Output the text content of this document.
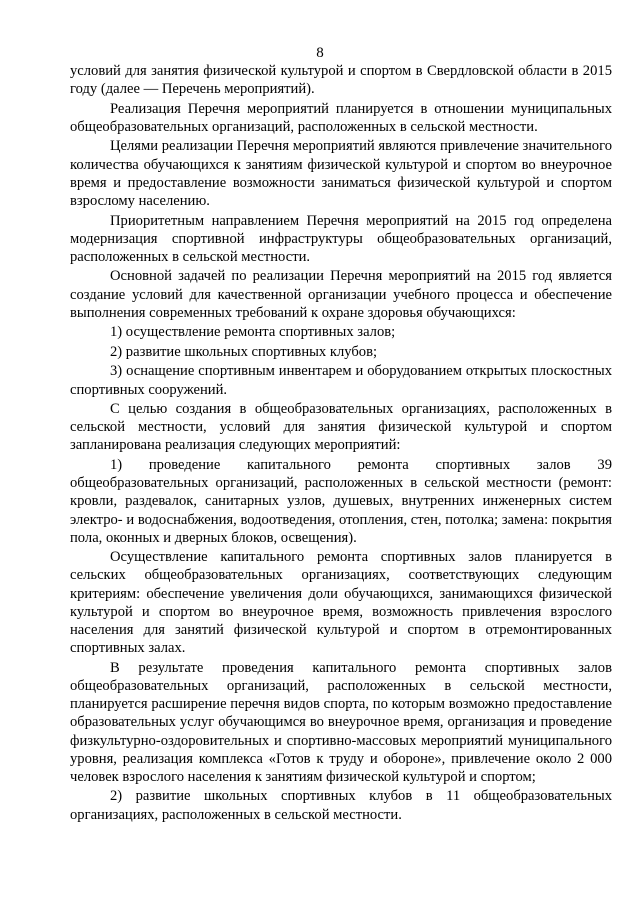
8

условий для занятия физической культурой и спортом в Свердловской области в 2015 году (далее — Перечень мероприятий).

Реализация Перечня мероприятий планируется в отношении муниципальных общеобразовательных организаций, расположенных в сельской местности.

Целями реализации Перечня мероприятий являются привлечение значительного количества обучающихся к занятиям физической культурой и спортом во внеурочное время и предоставление возможности заниматься физической культурой и спортом взрослому населению.

Приоритетным направлением Перечня мероприятий на 2015 год определена модернизация спортивной инфраструктуры общеобразовательных организаций, расположенных в сельской местности.

Основной задачей по реализации Перечня мероприятий на 2015 год является создание условий для качественной организации учебного процесса и обеспечение выполнения современных требований к охране здоровья обучающихся:

1) осуществление ремонта спортивных залов;

2) развитие школьных спортивных клубов;

3) оснащение спортивным инвентарем и оборудованием открытых плоскостных спортивных сооружений.

С целью создания в общеобразовательных организациях, расположенных в сельской местности, условий для занятия физической культурой и спортом запланирована реализация следующих мероприятий:

1) проведение капитального ремонта спортивных залов 39 общеобразовательных организаций, расположенных в сельской местности (ремонт: кровли, раздевалок, санитарных узлов, душевых, внутренних инженерных систем электро- и водоснабжения, водоотведения, отопления, стен, потолка; замена: покрытия пола, оконных и дверных блоков, освещения).

Осуществление капитального ремонта спортивных залов планируется в сельских общеобразовательных организациях, соответствующих следующим критериям: обеспечение увеличения доли обучающихся, занимающихся физической культурой и спортом во внеурочное время, возможность привлечения взрослого населения для занятий физической культурой и спортом в отремонтированных спортивных залах.

В результате проведения капитального ремонта спортивных залов общеобразовательных организаций, расположенных в сельской местности, планируется расширение перечня видов спорта, по которым возможно предоставление образовательных услуг обучающимся во внеурочное время, организация и проведение физкультурно-оздоровительных и спортивно-массовых мероприятий муниципального уровня, реализация комплекса «Готов к труду и обороне», привлечение около 2 000 человек взрослого населения к занятиям физической культурой и спортом;

2) развитие школьных спортивных клубов в 11 общеобразовательных организациях, расположенных в сельской местности.
